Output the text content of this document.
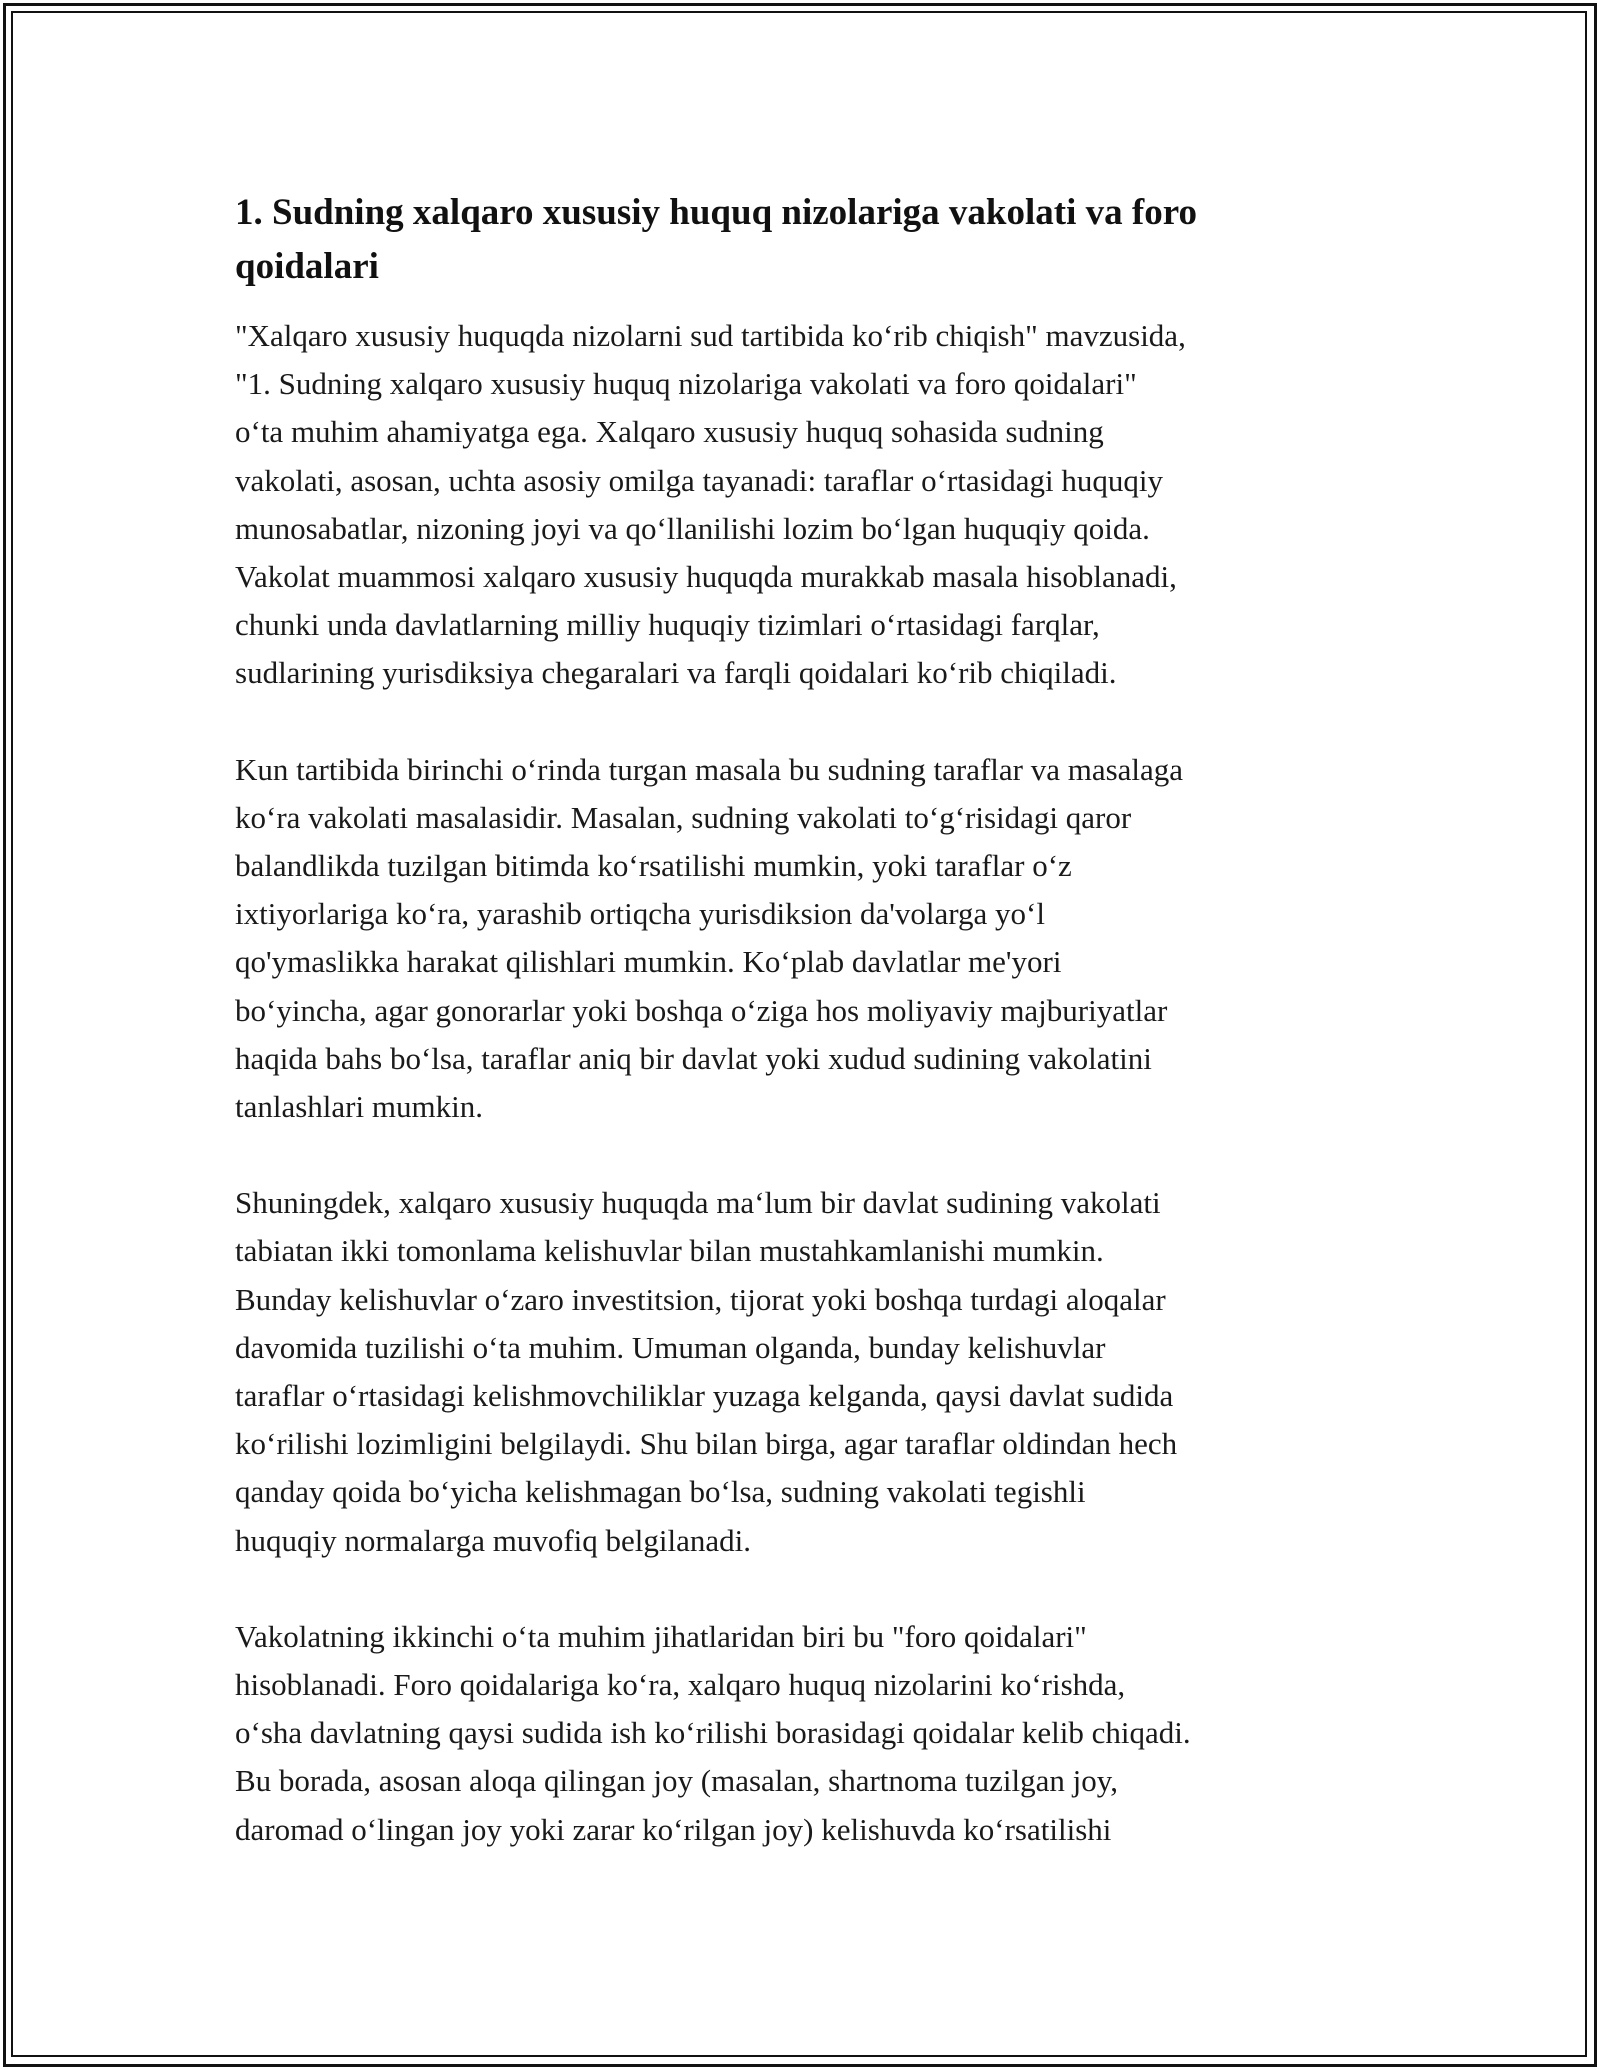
1. Sudning xalqaro xususiy huquq nizolariga vakolati va foro
qoidalari

"Xalqaro xususiy huquqda nizolarni sud tartibida ko‘rib chiqish" mavzusida,
"1. Sudning xalqaro xususiy huquq nizolariga vakolati va foro qoidalari"
o‘ta muhim ahamiyatga ega. Xalqaro xususiy huquq sohasida sudning
vakolati, asosan, uchta asosiy omilga tayanadi: taraflar o‘rtasidagi huquqiy
munosabatlar, nizoning joyi va qo‘llanilishi lozim bo‘lgan huquqiy qoida.
Vakolat muammosi xalqaro xususiy huquqda murakkab masala hisoblanadi,
chunki unda davlatlarning milliy huquqiy tizimlari o‘rtasidagi farqlar,
sudlarining yurisdiksiya chegaralari va farqli qoidalari ko‘rib chiqiladi.

Kun tartibida birinchi o‘rinda turgan masala bu sudning taraflar va masalaga
ko‘ra vakolati masalasidir. Masalan, sudning vakolati to‘g‘risidagi qaror
balandlikda tuzilgan bitimda ko‘rsatilishi mumkin, yoki taraflar o‘z
ixtiyorlariga ko‘ra, yarashib ortiqcha yurisdiksion da'volarga yo‘l
qo'ymaslikka harakat qilishlari mumkin. Ko‘plab davlatlar me'yori
bo‘yincha, agar gonorarlar yoki boshqa o‘ziga hos moliyaviy majburiyatlar
haqida bahs bo‘lsa, taraflar aniq bir davlat yoki xudud sudining vakolatini
tanlashlari mumkin.

Shuningdek, xalqaro xususiy huquqda ma‘lum bir davlat sudining vakolati
tabiatan ikki tomonlama kelishuvlar bilan mustahkamlanishi mumkin.
Bunday kelishuvlar o‘zaro investitsion, tijorat yoki boshqa turdagi aloqalar
davomida tuzilishi o‘ta muhim. Umuman olganda, bunday kelishuvlar
taraflar o‘rtasidagi kelishmovchiliklar yuzaga kelganda, qaysi davlat sudida
ko‘rilishi lozimligini belgilaydi. Shu bilan birga, agar taraflar oldindan hech
qanday qoida bo‘yicha kelishmagan bo‘lsa, sudning vakolati tegishli
huquqiy normalarga muvofiq belgilanadi.

Vakolatning ikkinchi o‘ta muhim jihatlaridan biri bu "foro qoidalari"
hisoblanadi. Foro qoidalariga ko‘ra, xalqaro huquq nizolarini ko‘rishda,
o‘sha davlatning qaysi sudida ish ko‘rilishi borasidagi qoidalar kelib chiqadi.
Bu borada, asosan aloqa qilingan joy (masalan, shartnoma tuzilgan joy,
daromad o‘lingan joy yoki zarar ko‘rilgan joy) kelishuvda ko‘rsatilishi
